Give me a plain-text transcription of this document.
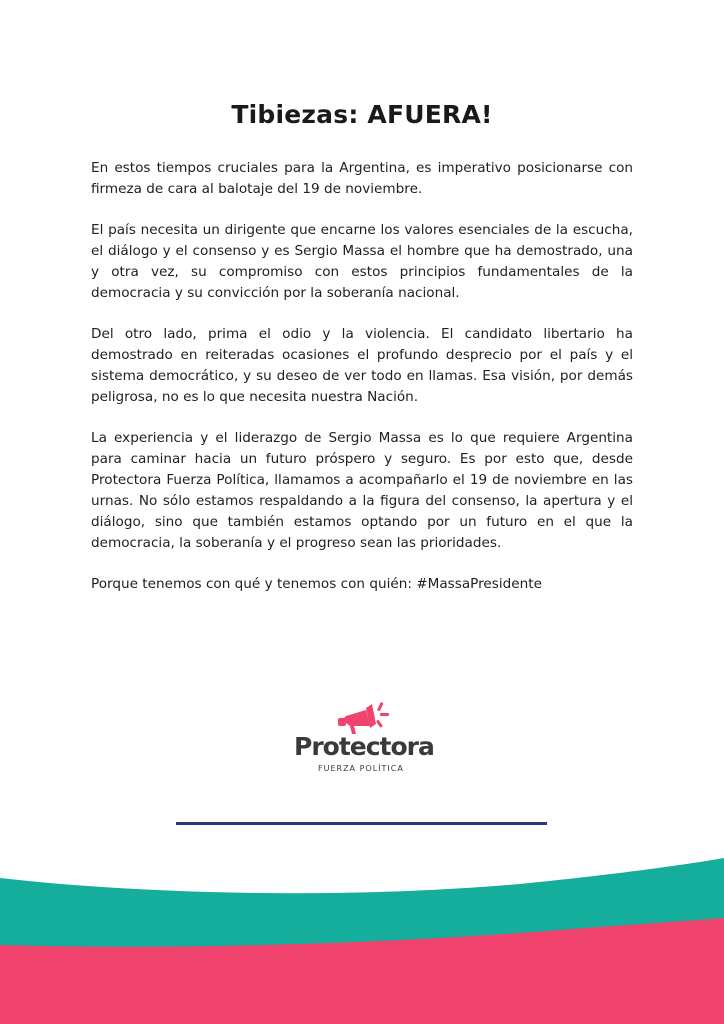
Tibiezas: AFUERA!

En estos tiempos cruciales para la Argentina, es imperativo posicionarse con firmeza de cara al balotaje del 19 de noviembre.

El país necesita un dirigente que encarne los valores esenciales de la escucha, el diálogo y el consenso y es Sergio Massa el hombre que ha demostrado, una y otra vez, su compromiso con estos principios fundamentales de la democracia y su convicción por la soberanía nacional.

Del otro lado, prima el odio y la violencia. El candidato libertario ha demostrado en reiteradas ocasiones el profundo desprecio por el país y el sistema democrático, y su deseo de ver todo en llamas. Esa visión, por demás peligrosa, no es lo que necesita nuestra Nación.

La experiencia y el liderazgo de Sergio Massa es lo que requiere Argentina para caminar hacia un futuro próspero y seguro. Es por esto que, desde Protectora Fuerza Política, llamamos a acompañarlo el 19 de noviembre en las urnas. No sólo estamos respaldando a la figura del consenso, la apertura y el diálogo, sino que también estamos optando por un futuro en el que la democracia, la soberanía y el progreso sean las prioridades.

Porque tenemos con qué y tenemos con quién: #MassaPresidente

Protectora
FUERZA POLÍTICA
